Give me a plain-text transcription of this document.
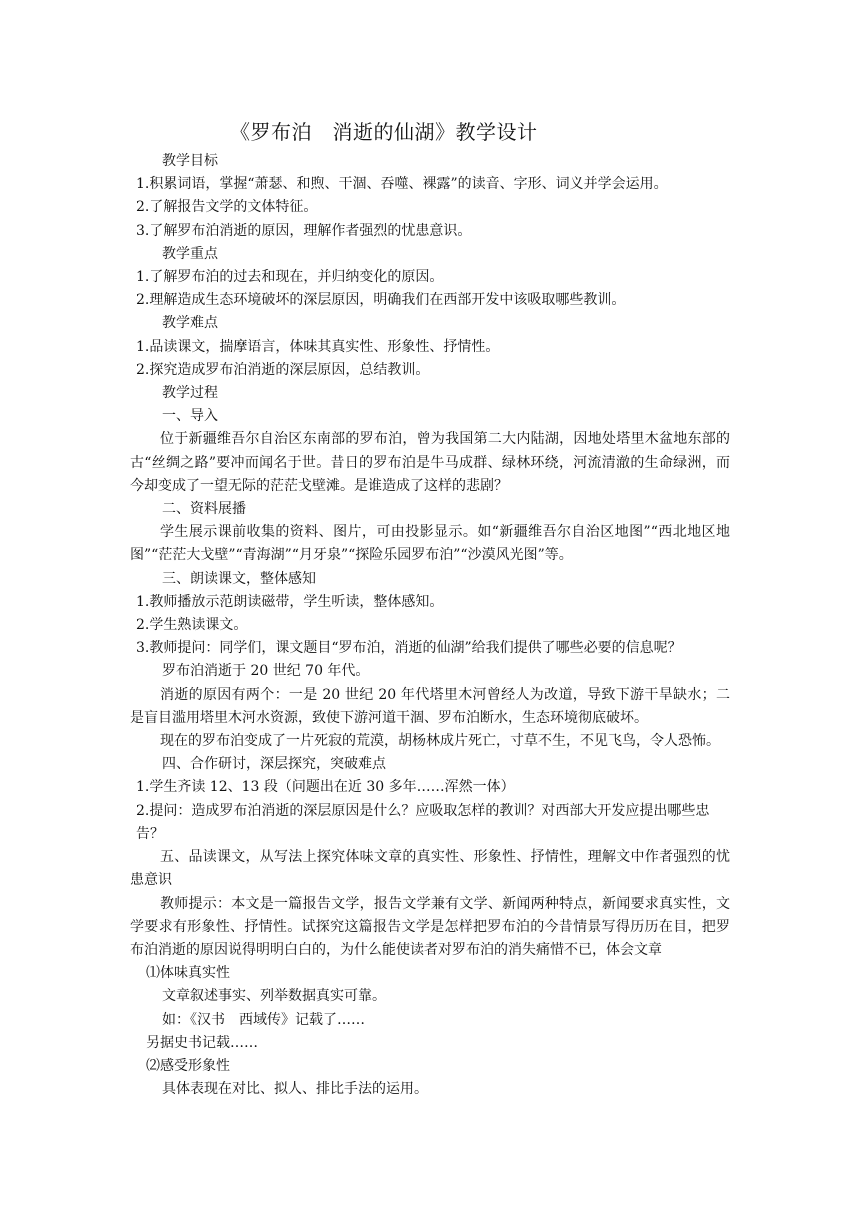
《罗布泊　消逝的仙湖》教学设计

教学目标

1.积累词语，掌握“萧瑟、和煦、干涸、吞噬、裸露”的读音、字形、词义并学会运用。

2.了解报告文学的文体特征。

3.了解罗布泊消逝的原因，理解作者强烈的忧患意识。

教学重点

1.了解罗布泊的过去和现在，并归纳变化的原因。

2.理解造成生态环境破坏的深层原因，明确我们在西部开发中该吸取哪些教训。

教学难点

1.品读课文，揣摩语言，体味其真实性、形象性、抒情性。

2.探究造成罗布泊消逝的深层原因，总结教训。

教学过程

一、导入

位于新疆维吾尔自治区东南部的罗布泊，曾为我国第二大内陆湖，因地处塔里木盆地东部的古“丝绸之路”要冲而闻名于世。昔日的罗布泊是牛马成群、绿林环绕，河流清澈的生命绿洲，而今却变成了一望无际的茫茫戈壁滩。是谁造成了这样的悲剧？

二、资料展播

学生展示课前收集的资料、图片，可由投影显示。如“新疆维吾尔自治区地图”“西北地区地图”“茫茫大戈壁”“青海湖”“月牙泉”“探险乐园罗布泊”“沙漠风光图”等。

三、朗读课文，整体感知

1.教师播放示范朗读磁带，学生听读，整体感知。

2.学生熟读课文。

3.教师提问：同学们，课文题目“罗布泊，消逝的仙湖”给我们提供了哪些必要的信息呢？

罗布泊消逝于 20 世纪 70 年代。

消逝的原因有两个：一是 20 世纪 20 年代塔里木河曾经人为改道，导致下游干旱缺水；二是盲目滥用塔里木河水资源，致使下游河道干涸、罗布泊断水，生态环境彻底破坏。

现在的罗布泊变成了一片死寂的荒漠，胡杨林成片死亡，寸草不生，不见飞鸟，令人恐怖。

四、合作研讨，深层探究，突破难点

1.学生齐读 12、13 段（问题出在近 30 多年……浑然一体）

2.提问：造成罗布泊消逝的深层原因是什么？应吸取怎样的教训？对西部大开发应提出哪些忠告？

五、品读课文，从写法上探究体味文章的真实性、形象性、抒情性，理解文中作者强烈的忧患意识

教师提示：本文是一篇报告文学，报告文学兼有文学、新闻两种特点，新闻要求真实性，文学要求有形象性、抒情性。试探究这篇报告文学是怎样把罗布泊的今昔情景写得历历在目，把罗布泊消逝的原因说得明明白白的，为什么能使读者对罗布泊的消失痛惜不已，体会文章

⑴体味真实性

文章叙述事实、列举数据真实可靠。

如：《汉书　西域传》记载了……

另据史书记载……

⑵感受形象性

具体表现在对比、拟人、排比手法的运用。
